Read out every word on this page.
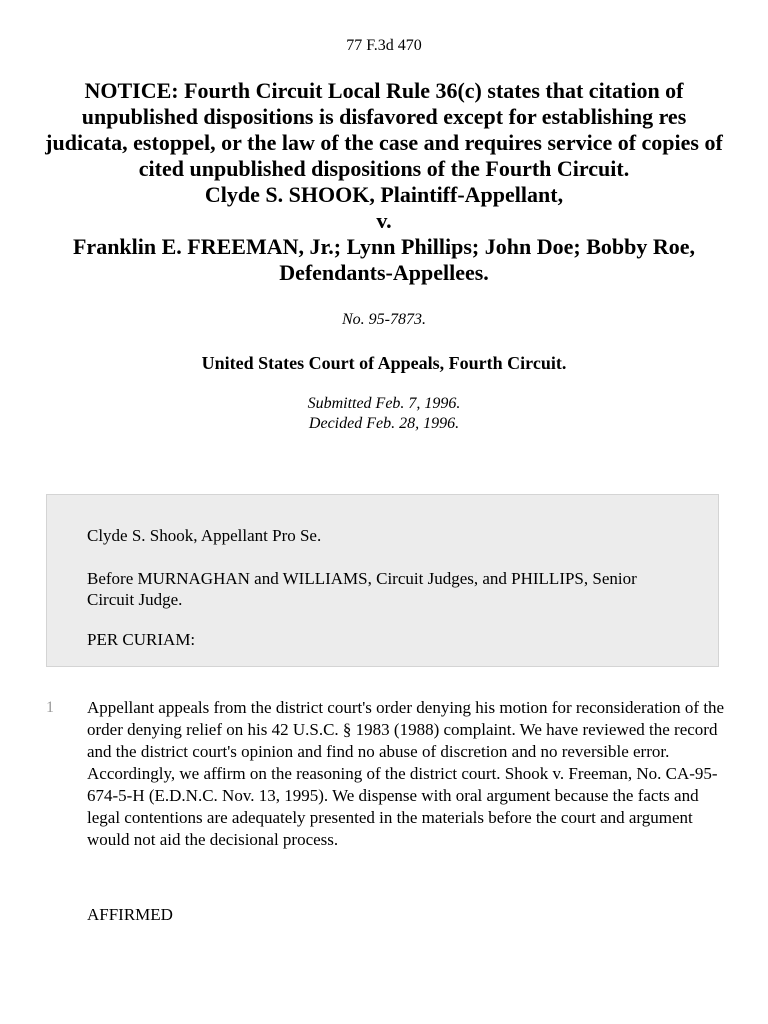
77 F.3d 470

NOTICE: Fourth Circuit Local Rule 36(c) states that citation of unpublished dispositions is disfavored except for establishing res judicata, estoppel, or the law of the case and requires service of copies of cited unpublished dispositions of the Fourth Circuit.

Clyde S. SHOOK, Plaintiff-Appellant,

v.

Franklin E. FREEMAN, Jr.; Lynn Phillips; John Doe; Bobby Roe, Defendants-Appellees.

No. 95-7873.
United States Court of Appeals, Fourth Circuit.
Submitted Feb. 7, 1996.
Decided Feb. 28, 1996.

Clyde S. Shook, Appellant Pro Se.

Before MURNAGHAN and WILLIAMS, Circuit Judges, and PHILLIPS, Senior Circuit Judge.

PER CURIAM:

1 Appellant appeals from the district court's order denying his motion for reconsideration of the order denying relief on his 42 U.S.C. § 1983 (1988) complaint. We have reviewed the record and the district court's opinion and find no abuse of discretion and no reversible error. Accordingly, we affirm on the reasoning of the district court. Shook v. Freeman, No. CA-95-674-5-H (E.D.N.C. Nov. 13, 1995). We dispense with oral argument because the facts and legal contentions are adequately presented in the materials before the court and argument would not aid the decisional process.

AFFIRMED
